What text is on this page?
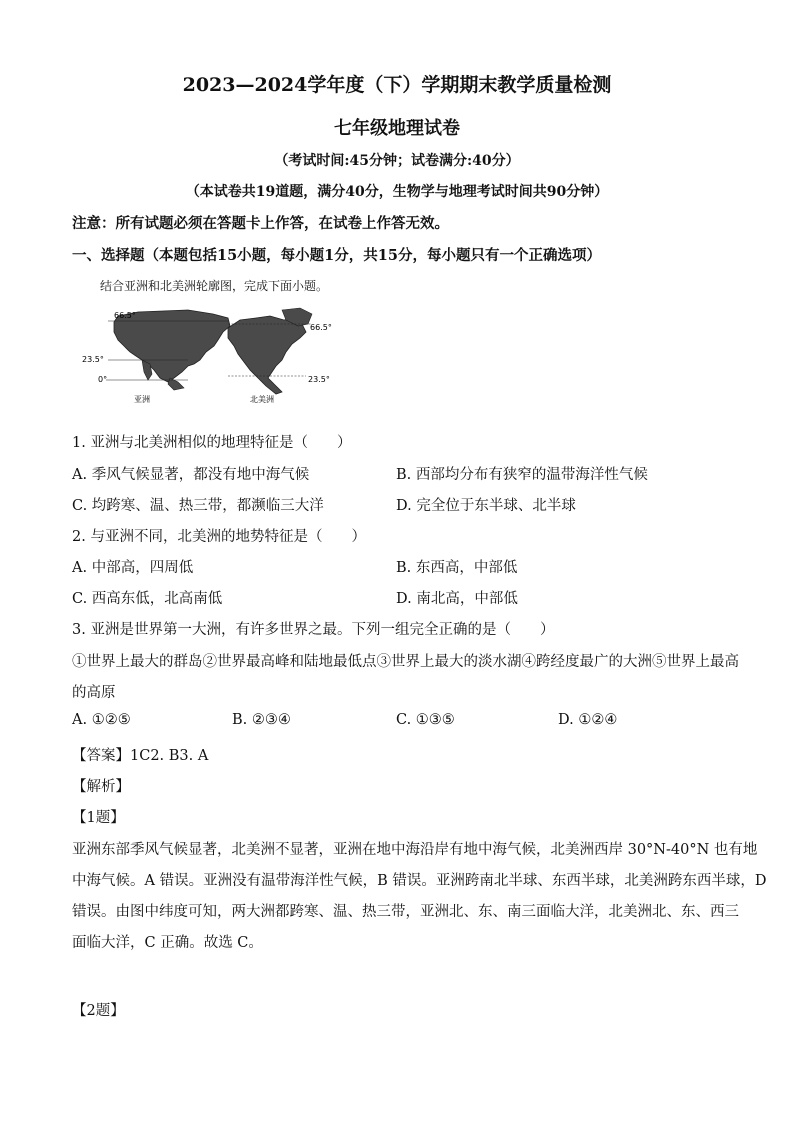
2023—2024学年度（下）学期期末教学质量检测
七年级地理试卷
（考试时间:45分钟；试卷满分:40分）
（本试卷共19道题，满分40分，生物学与地理考试时间共90分钟）
注意：所有试题必须在答题卡上作答，在试卷上作答无效。
一、选择题（本题包括15小题，每小题1分，共15分，每小题只有一个正确选项）
结合亚洲和北美洲轮廓图，完成下面小题。
66.5°
23.5°
0°
66.5°
23.5°
亚洲	北美洲
1. 亚洲与北美洲相似的地理特征是（　　）
A. 季风气候显著，都没有地中海气候	B. 西部均分布有狭窄的温带海洋性气候
C. 均跨寒、温、热三带，都濒临三大洋	D. 完全位于东半球、北半球
2. 与亚洲不同，北美洲的地势特征是（　　）
A. 中部高，四周低	B. 东西高，中部低
C. 西高东低，北高南低	D. 南北高，中部低
3. 亚洲是世界第一大洲，有许多世界之最。下列一组完全正确的是（　　）
①世界上最大的群岛②世界最高峰和陆地最低点③世界上最大的淡水湖④跨经度最广的大洲⑤世界上最高
的高原
A. ①②⑤	B. ②③④	C. ①③⑤	D. ①②④
【答案】1C2. B3. A
【解析】
【1题】
亚洲东部季风气候显著，北美洲不显著，亚洲在地中海沿岸有地中海气候，北美洲西岸 30°N-40°N 也有地
中海气候。A 错误。亚洲没有温带海洋性气候，B 错误。亚洲跨南北半球、东西半球，北美洲跨东西半球，D
错误。由图中纬度可知，两大洲都跨寒、温、热三带，亚洲北、东、南三面临大洋，北美洲北、东、西三
面临大洋，C 正确。故选 C。
【2题】
